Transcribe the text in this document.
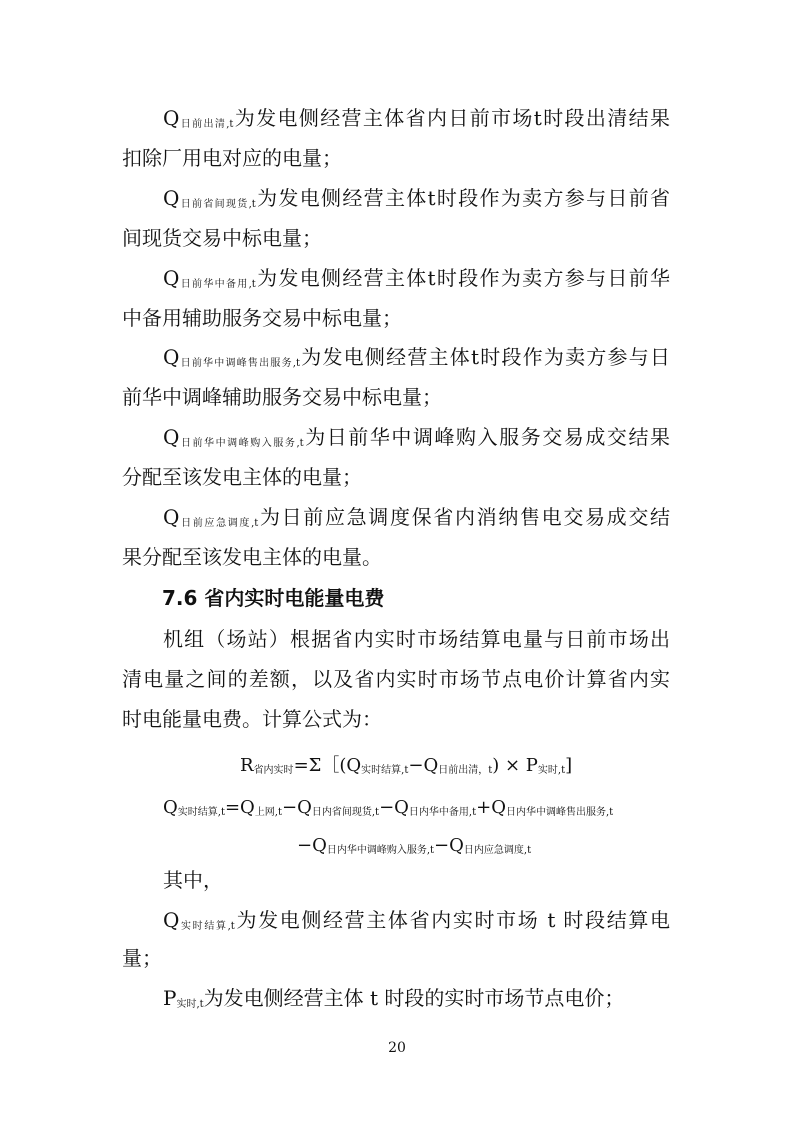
$Q_{日前出清,t}$为发电侧经营主体省内日前市场t时段出清结果
扣除厂用电对应的电量；
$Q_{日前省间现货,t}$为发电侧经营主体t时段作为卖方参与日前省
间现货交易中标电量；
$Q_{日前华中备用,t}$为发电侧经营主体t时段作为卖方参与日前华
中备用辅助服务交易中标电量；
$Q_{日前华中调峰售出服务,t}$为发电侧经营主体t时段作为卖方参与日
前华中调峰辅助服务交易中标电量；
$Q_{日前华中调峰购入服务,t}$为日前华中调峰购入服务交易成交结果
分配至该发电主体的电量；
$Q_{日前应急调度,t}$为日前应急调度保省内消纳售电交易成交结
果分配至该发电主体的电量。
7.6 省内实时电能量电费
机组（场站）根据省内实时市场结算电量与日前市场出
清电量之间的差额，以及省内实时市场节点电价计算省内实
时电能量电费。计算公式为：
$R_{省内实时}=\Sigma[(Q_{实时结算,t}-Q_{日前出清,t}) \times P_{实时,t}$]
$Q_{实时结算,t}=Q_{上网,t}-Q_{日内省间现货,t}-Q_{日内华中备用,t}+Q_{日内华中调峰售出服务,t}$
$-Q_{日内华中调峰购入服务,t}-Q_{日内应急调度,t}$
其中，
$Q_{实时结算,t}$为发电侧经营主体省内实时市场 t 时段结算电
量；
$P_{实时,t}$为发电侧经营主体 t 时段的实时市场节点电价；
20
